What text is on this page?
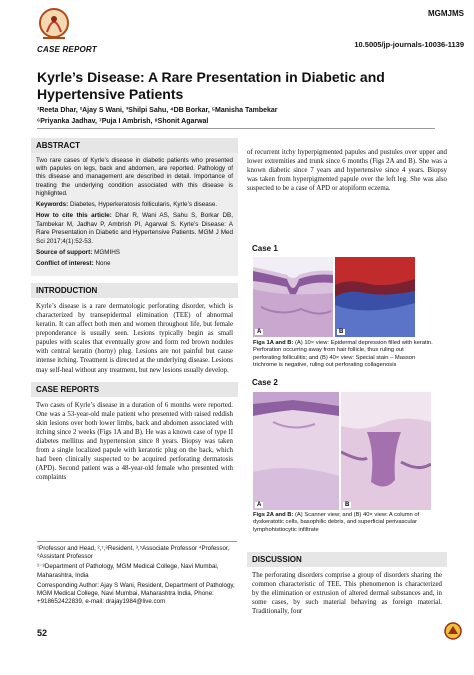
MGMJMS
CASE REPORT
10.5005/jp-journals-10036-1139
Kyrle’s Disease: A Rare Presentation in Diabetic and Hypertensive Patients
¹Reeta Dhar, ²Ajay S Wani, ³Shilpi Sahu, ⁴DB Borkar, ⁵Manisha Tambekar
⁶Priyanka Jadhav, ⁷Puja I Ambrish, ⁸Shonit Agarwal
ABSTRACT
Two rare cases of Kyrle’s disease in diabetic patients who presented with papules on legs, back and abdomen, are reported. Pathology of this disease and management are described in detail. Importance of treating the underlying condition associated with this disease is highlighted.
Keywords: Diabetes, Hyperkeratosis follicularis, Kyrle’s disease.
How to cite this article: Dhar R, Wani AS, Sahu S, Borkar DB, Tambekar M, Jadhav P, Ambrish PI, Agarwal S. Kyrle’s Disease: A Rare Presentation in Diabetic and Hypertensive Patients. MGM J Med Sci 2017;4(1):52-53.
Source of support: MGMIHS
Conflict of interest: None
INTRODUCTION
Kyrle’s disease is a rare dermatologic perforating disorder, which is characterized by transepidermal elimination (TEE) of abnormal keratin. It can affect both men and women throughout life, but female preponderance is usually seen. Lesions typically begin as small papules with scales that eventually grow and form red brown nodules with central keratin (horny) plug. Lesions are not painful but cause intense itching. Treatment is directed at the underlying disease. Lesions may self-heal without any treatment, but new lesions usually develop.
CASE REPORTS
Two cases of Kyrle’s disease in a duration of 6 months were reported. One was a 53-year-old male patient who presented with raised reddish skin lesions over both lower limbs, back and abdomen associated with itching since 2 weeks (Figs 1A and B). He was a known case of type II diabetes mellitus and hypertension since 8 years. Biopsy was taken from a single localized papule with keratotic plug on the back, which had been clinically suspected to be acquired perforating dermatosis (APD). Second patient was a 48-year-old female who presented with complaints
¹Professor and Head, ²,⁷,⁸Resident, ³,⁵Associate Professor ⁴Professor, ⁶Assistant Professor
¹⁻⁸Department of Pathology, MGM Medical College, Navi Mumbai, Maharashtra, India
Corresponding Author: Ajay S Wani, Resident, Department of Pathology, MGM Medical College, Navi Mumbai, Maharashtra India, Phone: +918652422839, e-mail: drajay1984@live.com
of recurrent itchy hyperpigmented papules and pustules over upper and lower extremities and trunk since 6 months (Figs 2A and B). She was a known diabetic since 7 years and hypertensive since 4 years. Biopsy was taken from hyperpigmented papule over the left leg. She was also suspected to be a case of APD or atopiform eczema.
Case 1
A	B
Figs 1A and B: (A) 10× view: Epidermal depression filled with keratin. Perforation occurring away from hair follicle, thus ruling out perforating folliculitis; and (B) 40× view: Special stain – Masson trichrome is negative, ruling out perforating collagenosis
Case 2
A	B
Figs 2A and B: (A) Scanner view; and (B) 40× view: A column of dyskeratotic cells, basophilic debris, and superficial perivascular lymphohistiocytic infiltrate
DISCUSSION
The perforating disorders comprise a group of disorders sharing the common characteristic of TEE. This phenomenon is characterized by the elimination or extrusion of altered dermal substances and, in some cases, by such material behaving as foreign material. Traditionally, four
52
